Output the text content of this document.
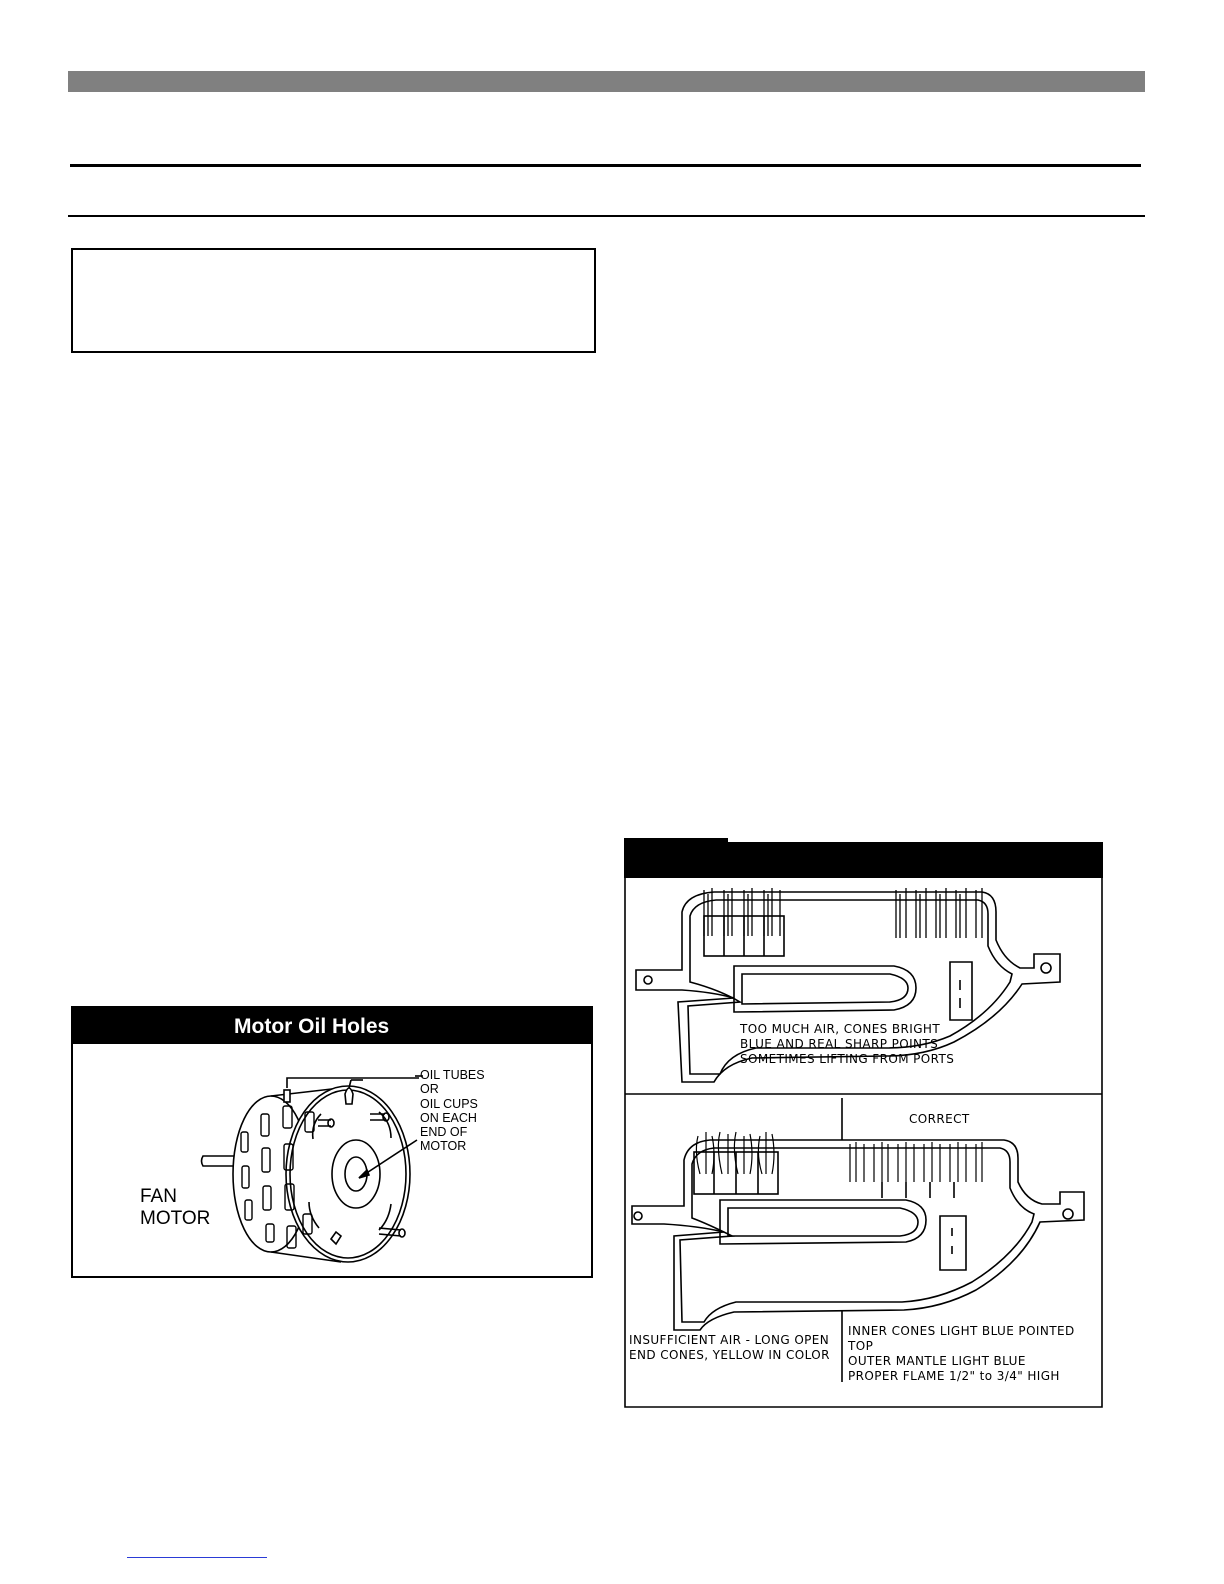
Motor Oil Holes
OIL TUBES
OR
OIL CUPS
ON EACH
END OF
MOTOR
FAN
MOTOR
TOO MUCH AIR, CONES BRIGHT
BLUE AND REAL SHARP POINTS
SOMETIMES LIFTING FROM PORTS
CORRECT
INSUFFICIENT AIR - LONG OPEN
END CONES, YELLOW IN COLOR
INNER CONES LIGHT BLUE POINTED TOP
OUTER MANTLE LIGHT BLUE
PROPER FLAME 1/2" to 3/4" HIGH
